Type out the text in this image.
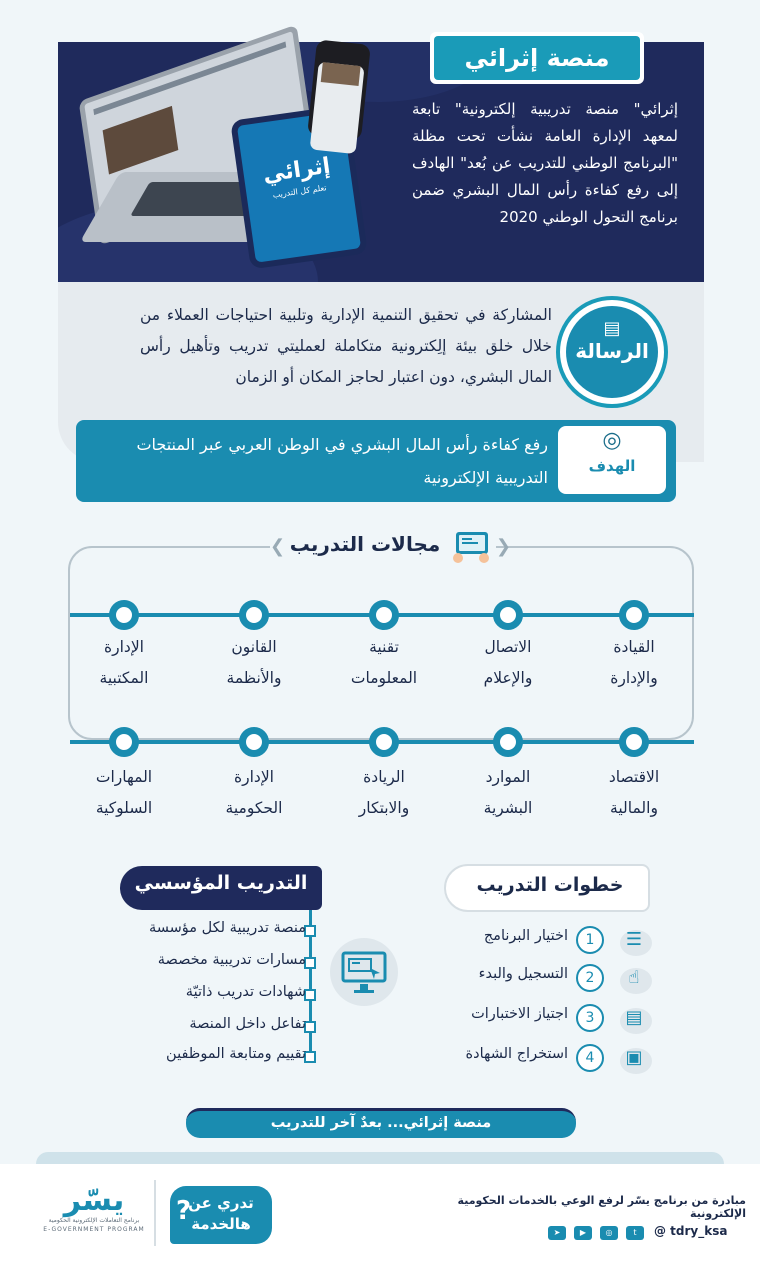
إثرائي
تعلم كل التدريب
منصة إثرائي
إثرائي" منصة تدريبية إلكترونية" تابعة لمعهد الإدارة العامة نشأت تحت مظلة "البرنامج الوطني للتدريب عن بُعد" الهادف إلى رفع كفاءة رأس المال البشري ضمن برنامج التحول الوطني 2020
المشاركة في تحقيق التنمية الإدارية وتلبية احتياجات العملاء من خلال خلق بيئة إلِكترونية متكاملة لعمليتي تدريب وتأهيل رأس المال البشري، دون اعتبار لحاجز المكان أو الزمان
▤
الرسالة
رفع كفاءة رأس المال البشري في الوطن العربي عبر المنتجات التدريبية الإلكترونية
◎
الهدف
❮
❯ مجالات التدريب
القيادة
والإدارة
الاتصال
والإعلام
تقنية
المعلومات
القانون
والأنظمة
الإدارة
المكتبية
الاقتصاد
والمالية
الموارد
البشرية
الريادة
والابتكار
الإدارة
الحكومية
المهارات
السلوكية
خطوات التدريب
☰
1
اختيار البرنامج
☝
2
التسجيل والبدء
▤
3
اجتياز الاختبارات
▣
4
استخراج الشهادة
التدريب المؤسسي
منصة تدريبية لكل مؤسسة
مسارات تدريبية مخصصة
شهادات تدريب ذاتيّة
تفاعل داخل المنصة
تقييم ومتابعة الموظفين
منصة إثرائي... بعدٌ آخر للتدريب
مبادرة من برنامج يسّر لرفع الوعي بالخدمات الحكومية الإلكترونية
@ tdry_ksa
t
◎
▶
➤
تدري عن
هالخدمة
?
يسّر
برنامج التعاملات الإلكترونية الحكومية
E-GOVERNMENT PROGRAM
